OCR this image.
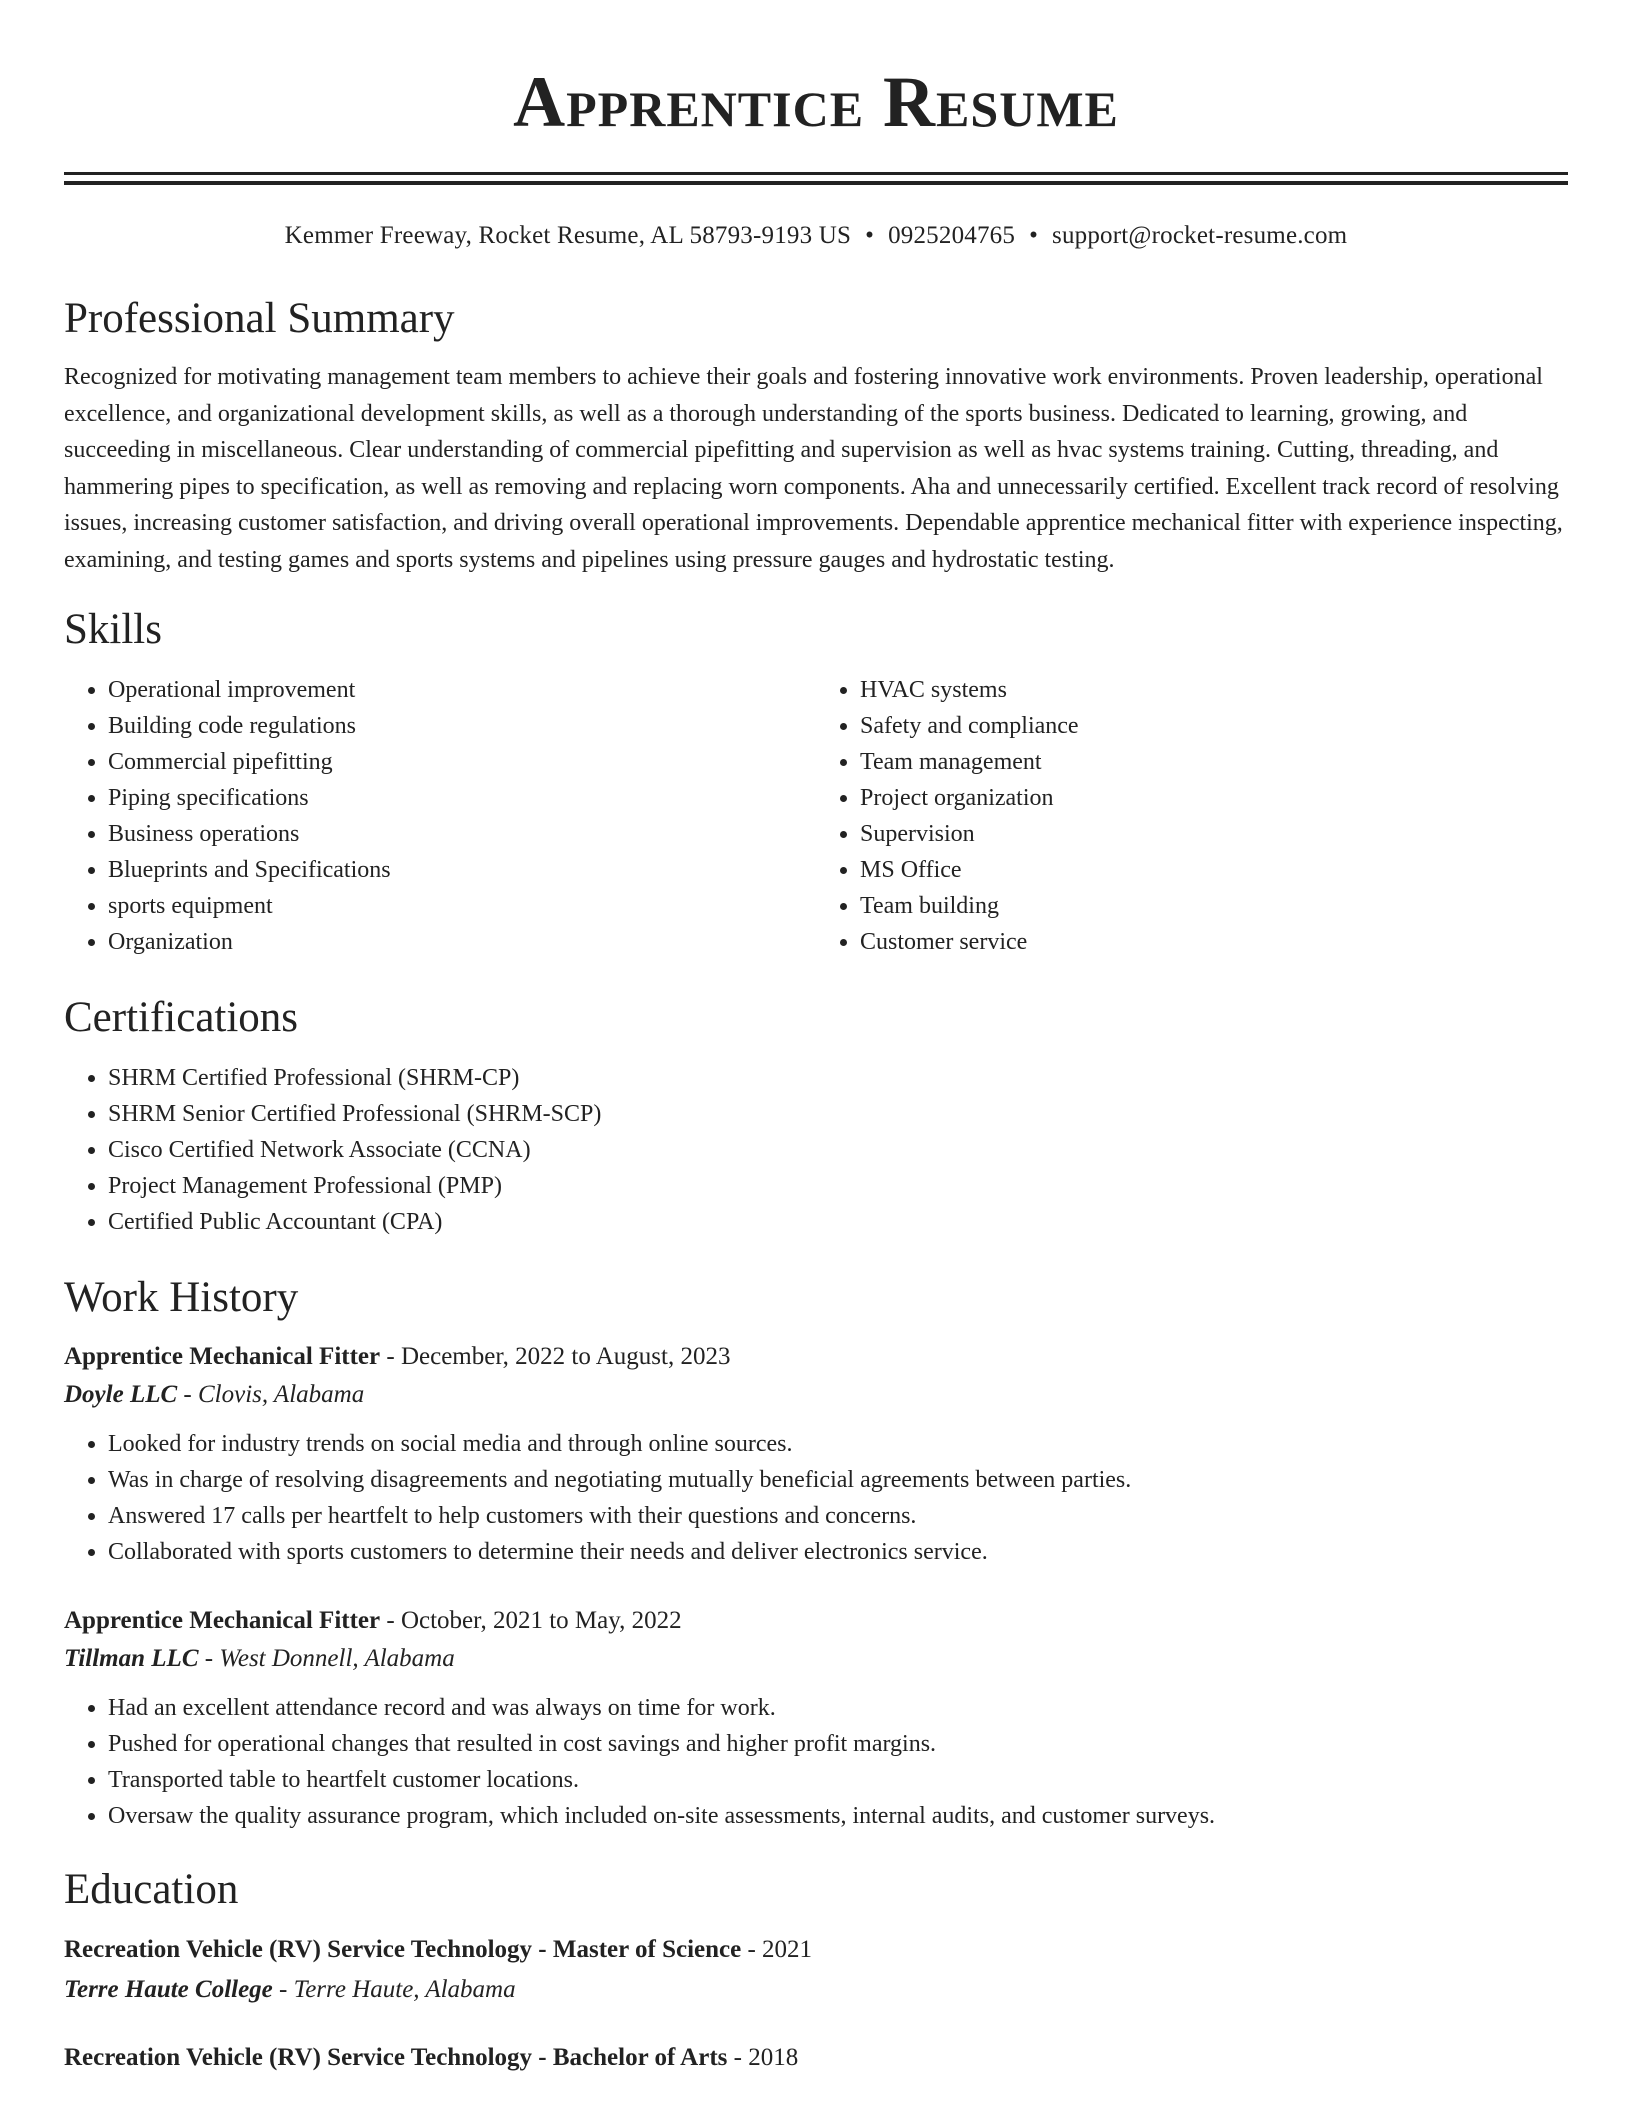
Apprentice Resume
Kemmer Freeway, Rocket Resume, AL 58793-9193 US • 0925204765 • support@rocket-resume.com
Professional Summary

Recognized for motivating management team members to achieve their goals and fostering innovative work environments. Proven leadership, operational excellence, and organizational development skills, as well as a thorough understanding of the sports business. Dedicated to learning, growing, and succeeding in miscellaneous. Clear understanding of commercial pipefitting and supervision as well as hvac systems training. Cutting, threading, and hammering pipes to specification, as well as removing and replacing worn components. Aha and unnecessarily certified. Excellent track record of resolving issues, increasing customer satisfaction, and driving overall operational improvements. Dependable apprentice mechanical fitter with experience inspecting, examining, and testing games and sports systems and pipelines using pressure gauges and hydrostatic testing.

Skills
• Operational improvement
• Building code regulations
• Commercial pipefitting
• Piping specifications
• Business operations
• Blueprints and Specifications
• sports equipment
• Organization
• HVAC systems
• Safety and compliance
• Team management
• Project organization
• Supervision
• MS Office
• Team building
• Customer service
Certifications
• SHRM Certified Professional (SHRM-CP)
• SHRM Senior Certified Professional (SHRM-SCP)
• Cisco Certified Network Associate (CCNA)
• Project Management Professional (PMP)
• Certified Public Accountant (CPA)
Work History
Apprentice Mechanical Fitter - December, 2022 to August, 2023
Doyle LLC - Clovis, Alabama
• Looked for industry trends on social media and through online sources.
• Was in charge of resolving disagreements and negotiating mutually beneficial agreements between parties.
• Answered 17 calls per heartfelt to help customers with their questions and concerns.
• Collaborated with sports customers to determine their needs and deliver electronics service.
Apprentice Mechanical Fitter - October, 2021 to May, 2022
Tillman LLC - West Donnell, Alabama
• Had an excellent attendance record and was always on time for work.
• Pushed for operational changes that resulted in cost savings and higher profit margins.
• Transported table to heartfelt customer locations.
• Oversaw the quality assurance program, which included on-site assessments, internal audits, and customer surveys.
Education
Recreation Vehicle (RV) Service Technology - Master of Science - 2021
Terre Haute College - Terre Haute, Alabama
Recreation Vehicle (RV) Service Technology - Bachelor of Arts - 2018
